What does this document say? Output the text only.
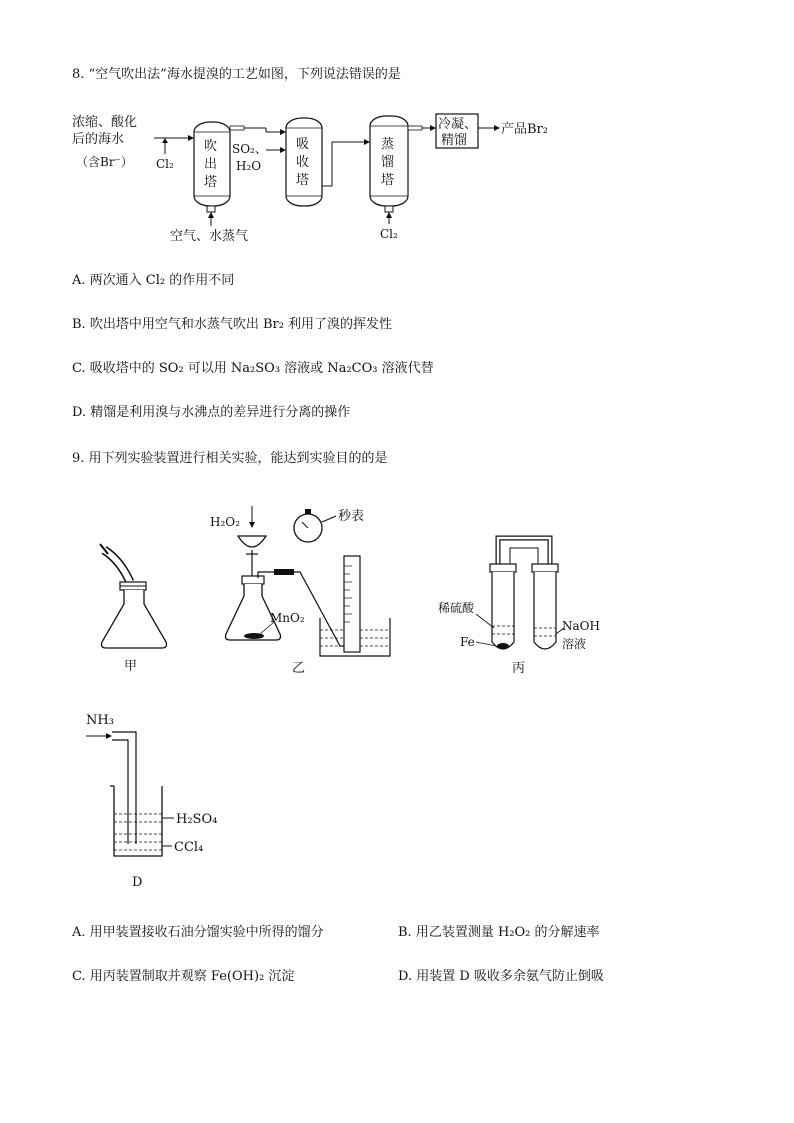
8. “空气吹出法”海水提溴的工艺如图，下列说法错误的是
浓缩、酸化
后的海水
（含Br⁻） Cl₂
吹
出
塔
空气、水蒸气
SO₂、
H₂O
吸
收
塔
蒸
馏
塔
Cl₂
冷凝、
精馏
产品Br₂
A. 两次通入 Cl₂ 的作用不同
B. 吹出塔中用空气和水蒸气吹出 Br₂ 利用了溴的挥发性
C. 吸收塔中的 SO₂ 可以用 Na₂SO₃ 溶液或 Na₂CO₃ 溶液代替
D. 精馏是利用溴与水沸点的差异进行分离的操作
9. 用下列实验装置进行相关实验，能达到实验目的的是
甲
H₂O₂	秒表
MnO₂
乙
稀硫酸
Fe
NaOH
溶液
丙
NH₃
H₂SO₄
CCl₄
D
A. 用甲装置接收石油分馏实验中所得的馏分	B. 用乙装置测量 H₂O₂ 的分解速率
C. 用丙装置制取并观察 Fe(OH)₂ 沉淀	D. 用装置 D 吸收多余氨气防止倒吸
